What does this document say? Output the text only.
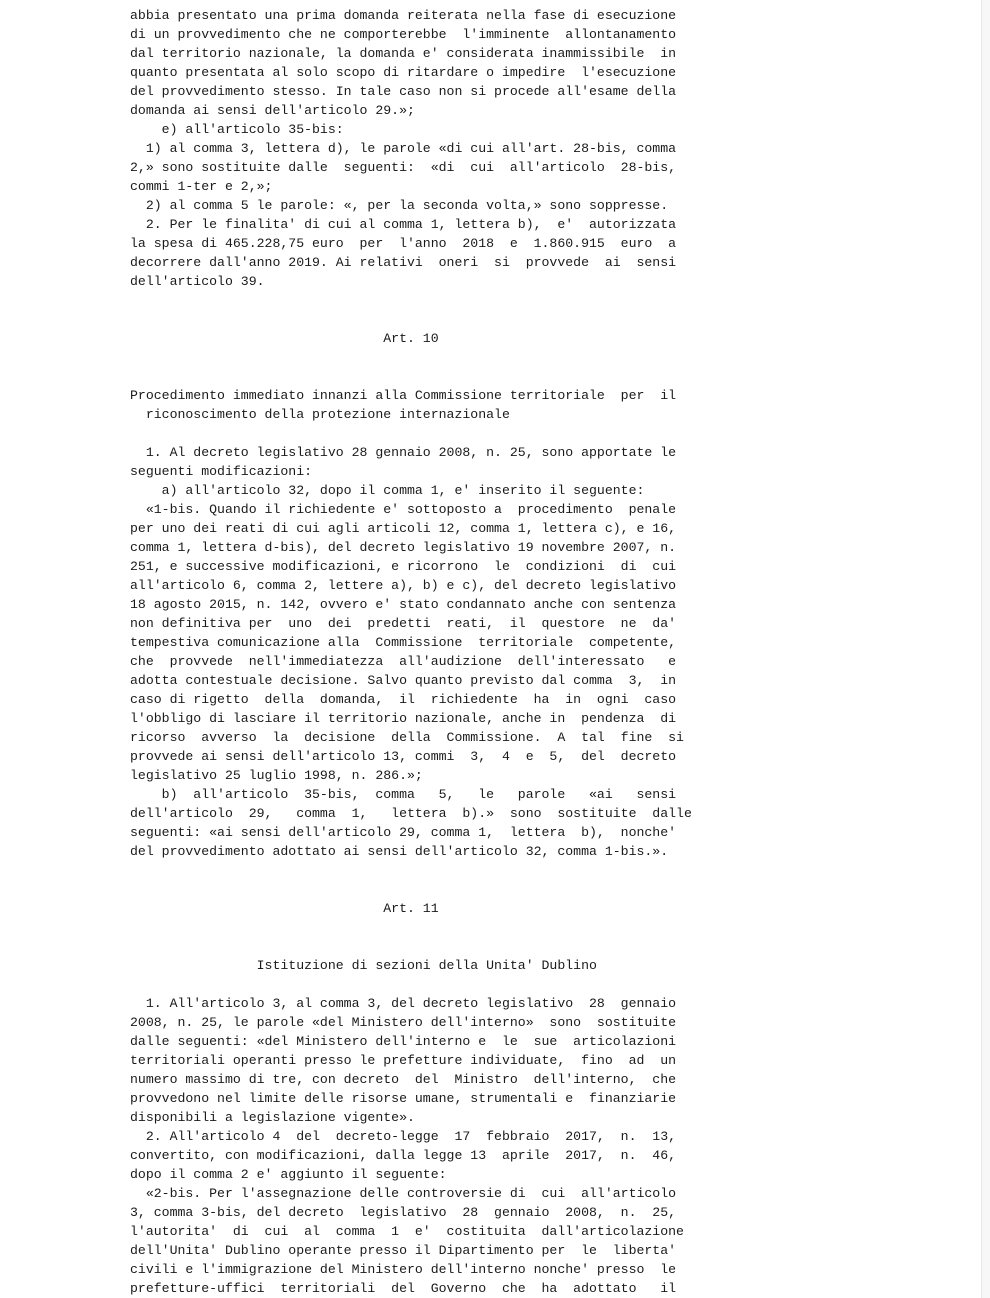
abbia presentato una prima domanda reiterata nella fase di esecuzione
di un provvedimento che ne comporterebbe  l'imminente  allontanamento
dal territorio nazionale, la domanda e' considerata inammissibile  in
quanto presentata al solo scopo di ritardare o impedire  l'esecuzione
del provvedimento stesso. In tale caso non si procede all'esame della
domanda ai sensi dell'articolo 29.»;
e) all'articolo 35-bis:
1) al comma 3, lettera d), le parole «di cui all'art. 28-bis, comma
2,» sono sostituite dalle  seguenti:  «di  cui  all'articolo  28-bis,
commi 1-ter e 2,»;
2) al comma 5 le parole: «, per la seconda volta,» sono soppresse.
2. Per le finalita' di cui al comma 1, lettera b),  e'  autorizzata
la spesa di 465.228,75 euro  per  l'anno  2018  e  1.860.915  euro  a
decorrere dall'anno 2019. Ai relativi  oneri  si  provvede  ai  sensi
dell'articolo 39.
Art. 10
Procedimento immediato innanzi alla Commissione territoriale  per  il
riconoscimento della protezione internazionale
1. Al decreto legislativo 28 gennaio 2008, n. 25, sono apportate le
seguenti modificazioni:
a) all'articolo 32, dopo il comma 1, e' inserito il seguente:
«1-bis. Quando il richiedente e' sottoposto a  procedimento  penale
per uno dei reati di cui agli articoli 12, comma 1, lettera c), e 16,
comma 1, lettera d-bis), del decreto legislativo 19 novembre 2007, n.
251, e successive modificazioni, e ricorrono  le  condizioni  di  cui
all'articolo 6, comma 2, lettere a), b) e c), del decreto legislativo
18 agosto 2015, n. 142, ovvero e' stato condannato anche con sentenza
non definitiva per  uno  dei  predetti  reati,  il  questore  ne  da'
tempestiva comunicazione alla  Commissione  territoriale  competente,
che  provvede  nell'immediatezza  all'audizione  dell'interessato   e
adotta contestuale decisione. Salvo quanto previsto dal comma  3,  in
caso di rigetto  della  domanda,  il  richiedente  ha  in  ogni  caso
l'obbligo di lasciare il territorio nazionale, anche in  pendenza  di
ricorso  avverso  la  decisione  della  Commissione.  A  tal  fine  si
provvede ai sensi dell'articolo 13, commi  3,  4  e  5,  del  decreto
legislativo 25 luglio 1998, n. 286.»;
b)  all'articolo  35-bis,  comma   5,   le   parole   «ai   sensi
dell'articolo  29,   comma  1,   lettera  b).»  sono  sostituite  dalle
seguenti: «ai sensi dell'articolo 29, comma 1,  lettera  b),  nonche'
del provvedimento adottato ai sensi dell'articolo 32, comma 1-bis.».
Art. 11
Istituzione di sezioni della Unita' Dublino
1. All'articolo 3, al comma 3, del decreto legislativo  28  gennaio
2008, n. 25, le parole «del Ministero dell'interno»  sono  sostituite
dalle seguenti: «del Ministero dell'interno e  le  sue  articolazioni
territoriali operanti presso le prefetture individuate,  fino  ad  un
numero massimo di tre, con decreto  del  Ministro  dell'interno,  che
provvedono nel limite delle risorse umane, strumentali e  finanziarie
disponibili a legislazione vigente».
2. All'articolo 4  del  decreto-legge  17  febbraio  2017,  n.  13,
convertito, con modificazioni, dalla legge 13  aprile  2017,  n.  46,
dopo il comma 2 e' aggiunto il seguente:
«2-bis. Per l'assegnazione delle controversie di  cui  all'articolo
3, comma 3-bis, del decreto  legislativo  28  gennaio  2008,  n.  25,
l'autorita'  di  cui  al  comma  1  e'  costituita  dall'articolazione
dell'Unita' Dublino operante presso il Dipartimento per  le  liberta'
civili e l'immigrazione del Ministero dell'interno nonche' presso  le
prefetture-uffici  territoriali  del  Governo  che  ha  adottato   il
